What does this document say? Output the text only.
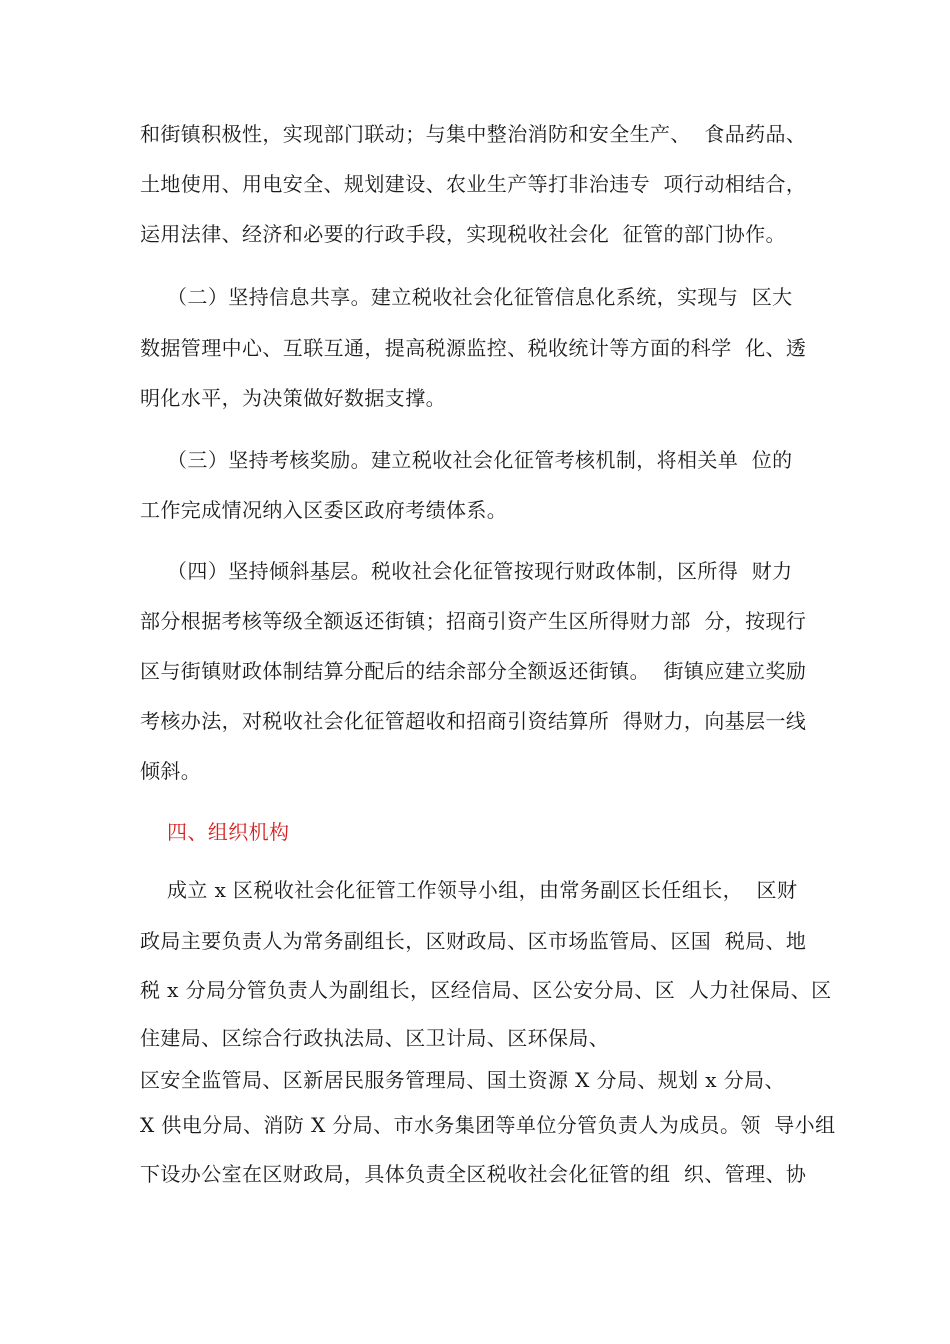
和街镇积极性，实现部门联动；与集中整治消防和安全生产、  食品药品、
土地使用、用电安全、规划建设、农业生产等打非治违专  项行动相结合，
运用法律、经济和必要的行政手段，实现税收社会化  征管的部门协作。
（二）坚持信息共享。建立税收社会化征管信息化系统，实现与  区大
数据管理中心、互联互通，提高税源监控、税收统计等方面的科学  化、透
明化水平，为决策做好数据支撑。
（三）坚持考核奖励。建立税收社会化征管考核机制，将相关单  位的
工作完成情况纳入区委区政府考绩体系。
（四）坚持倾斜基层。税收社会化征管按现行财政体制，区所得  财力
部分根据考核等级全额返还街镇；招商引资产生区所得财力部  分，按现行
区与街镇财政体制结算分配后的结余部分全额返还街镇。  街镇应建立奖励
考核办法，对税收社会化征管超收和招商引资结算所  得财力，向基层一线
倾斜。
四、组织机构
成立 x 区税收社会化征管工作领导小组，由常务副区长任组长，  区财
政局主要负责人为常务副组长，区财政局、区市场监管局、区国  税局、地
税 x 分局分管负责人为副组长，区经信局、区公安分局、区  人力社保局、区
住建局、区综合行政执法局、区卫计局、区环保局、
区安全监管局、区新居民服务管理局、国土资源 X 分局、规划 x 分局、
X 供电分局、消防 X 分局、市水务集团等单位分管负责人为成员。领  导小组
下设办公室在区财政局，具体负责全区税收社会化征管的组  织、管理、协
